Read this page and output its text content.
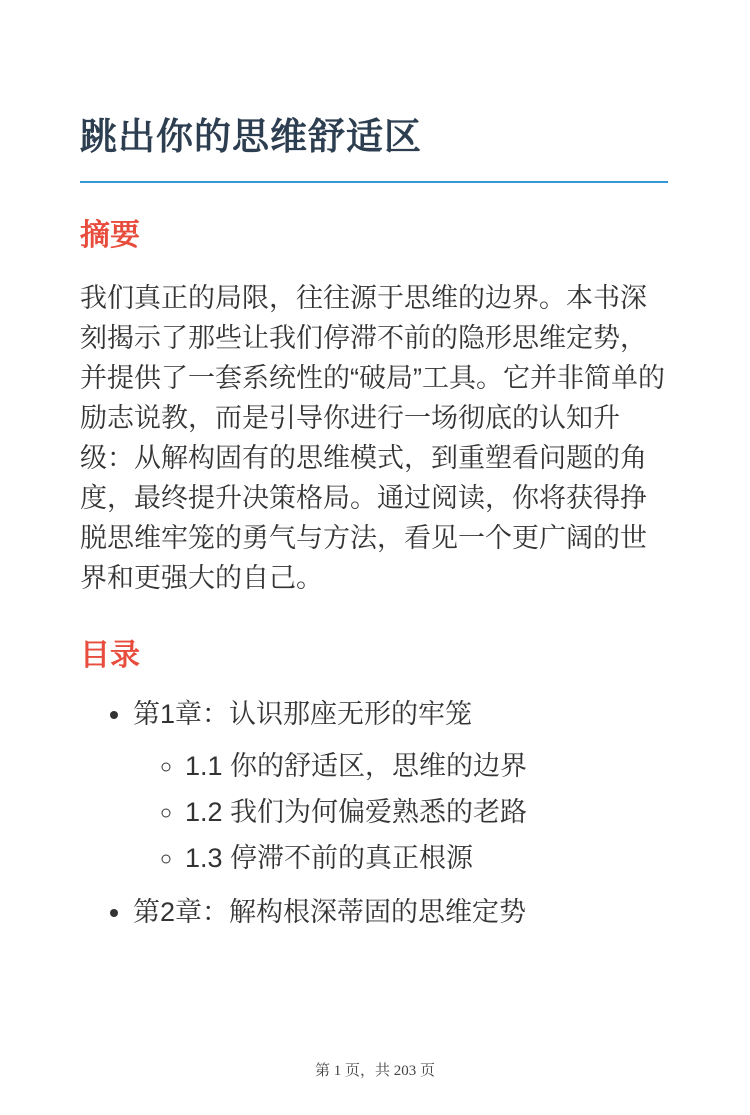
跳出你的思维舒适区
摘要

我们真正的局限，往往源于思维的边界。本书深刻揭示了那些让我们停滞不前的隐形思维定势，并提供了一套系统性的“破局”工具。它并非简单的励志说教，而是引导你进行一场彻底的认知升级：从解构固有的思维模式，到重塑看问题的角度，最终提升决策格局。通过阅读，你将获得挣脱思维牢笼的勇气与方法，看见一个更广阔的世界和更强大的自己。

目录
• 第1章：认识那座无形的牢笼
◦ 1.1 你的舒适区，思维的边界
◦ 1.2 我们为何偏爱熟悉的老路
◦ 1.3 停滞不前的真正根源
• 第2章：解构根深蒂固的思维定势
第 1 页，共 203 页
